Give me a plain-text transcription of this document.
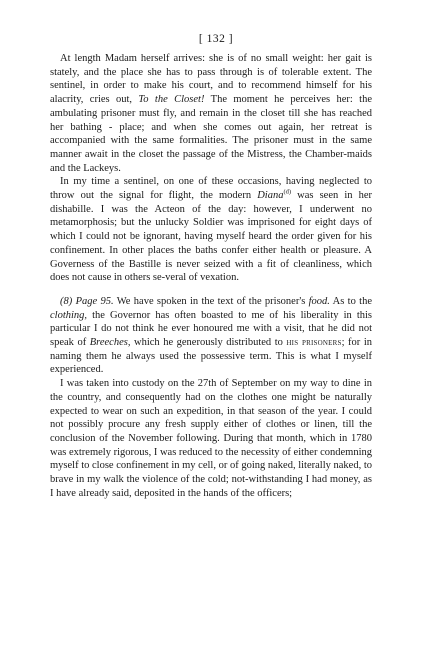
[ 132 ]

At length Madam herself arrives: she is of no small weight: her gait is stately, and the place she has to pass through is of tolerable extent. The sentinel, in order to make his court, and to recommend himself for his alacrity, cries out, To the Closet! The moment he perceives her: the ambulating prisoner must fly, and remain in the closet till she has reached her bathing - place; and when she comes out again, her retreat is accompanied with the same formalities. The prisoner must in the same manner await in the closet the passage of the Mistress, the Chamber-maids and the Lackeys.

In my time a sentinel, on one of these occasions, having neglected to throw out the signal for flight, the modern Diana$^{(d)}$ was seen in her dishabille. I was the Acteon of the day: however, I underwent no metamorphosis; but the unlucky Soldier was imprisoned for eight days of which I could not be ignorant, having myself heard the order given for his confinement. In other places the baths confer either health or pleasure. A Governess of the Bastille is never seized with a fit of cleanliness, which does not cause in others se-veral of vexation.

(8) Page 95. We have spoken in the text of the prisoner's food. As to the clothing, the Governor has often boasted to me of his liberality in this particular I do not think he ever honoured me with a visit, that he did not speak of Breeches, which he generously distributed to his prisoners; for in naming them he always used the possessive term. This is what I myself experienced.

I was taken into custody on the 27th of September on my way to dine in the country, and consequently had on the clothes one might be naturally expected to wear on such an expedition, in that season of the year. I could not possibly procure any fresh supply either of clothes or linen, till the conclusion of the November following. During that month, which in 1780 was extremely rigorous, I was reduced to the necessity of either condemning myself to close confinement in my cell, or of going naked, literally naked, to brave in my walk the violence of the cold; not-withstanding I had money, as I have already said, deposited in the hands of the officers;
